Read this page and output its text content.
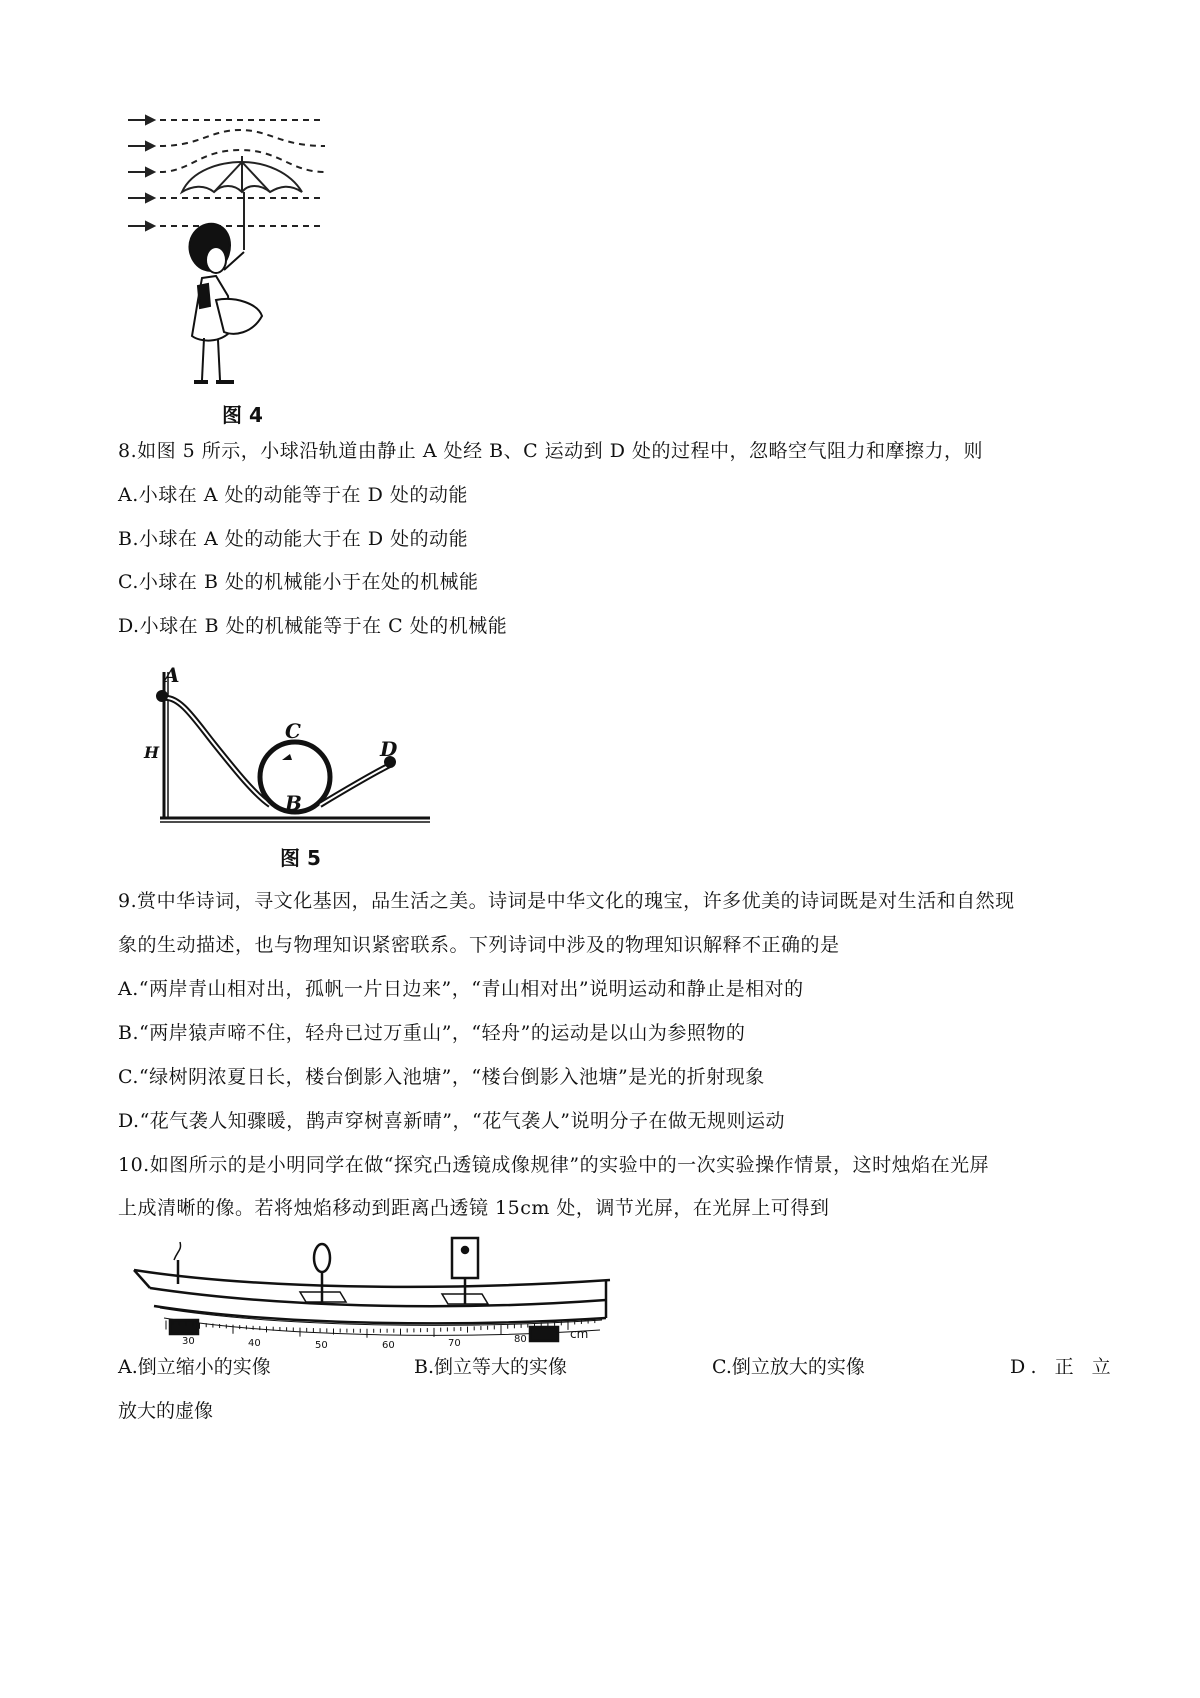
图 4
8.如图 5 所示，小球沿轨道由静止 A 处经 B、C 运动到 D 处的过程中，忽略空气阻力和摩擦力，则
A.小球在 A 处的动能等于在 D 处的动能
B.小球在 A 处的动能大于在 D 处的动能
C.小球在 B 处的机械能小于在处的机械能
D.小球在 B 处的机械能等于在 C 处的机械能
A
C
B
D
H
图 5
9.赏中华诗词，寻文化基因，品生活之美。诗词是中华文化的瑰宝，许多优美的诗词既是对生活和自然现
象的生动描述，也与物理知识紧密联系。下列诗词中涉及的物理知识解释不正确的是
A.“两岸青山相对出，孤帆一片日边来”，“青山相对出”说明运动和静止是相对的
B.“两岸猿声啼不住，轻舟已过万重山”，“轻舟”的运动是以山为参照物的
C.“绿树阴浓夏日长，楼台倒影入池塘”，“楼台倒影入池塘”是光的折射现象
D.“花气袭人知骤暖，鹊声穿树喜新晴”，“花气袭人”说明分子在做无规则运动
10.如图所示的是小明同学在做“探究凸透镜成像规律”的实验中的一次实验操作情景，这时烛焰在光屏
上成清晰的像。若将烛焰移动到距离凸透镜 15cm 处，调节光屏，在光屏上可得到
30	40	50	60	70	80	cm
A.倒立缩小的实像	B.倒立等大的实像	C.倒立放大的实像	D. 正 立
放大的虚像
